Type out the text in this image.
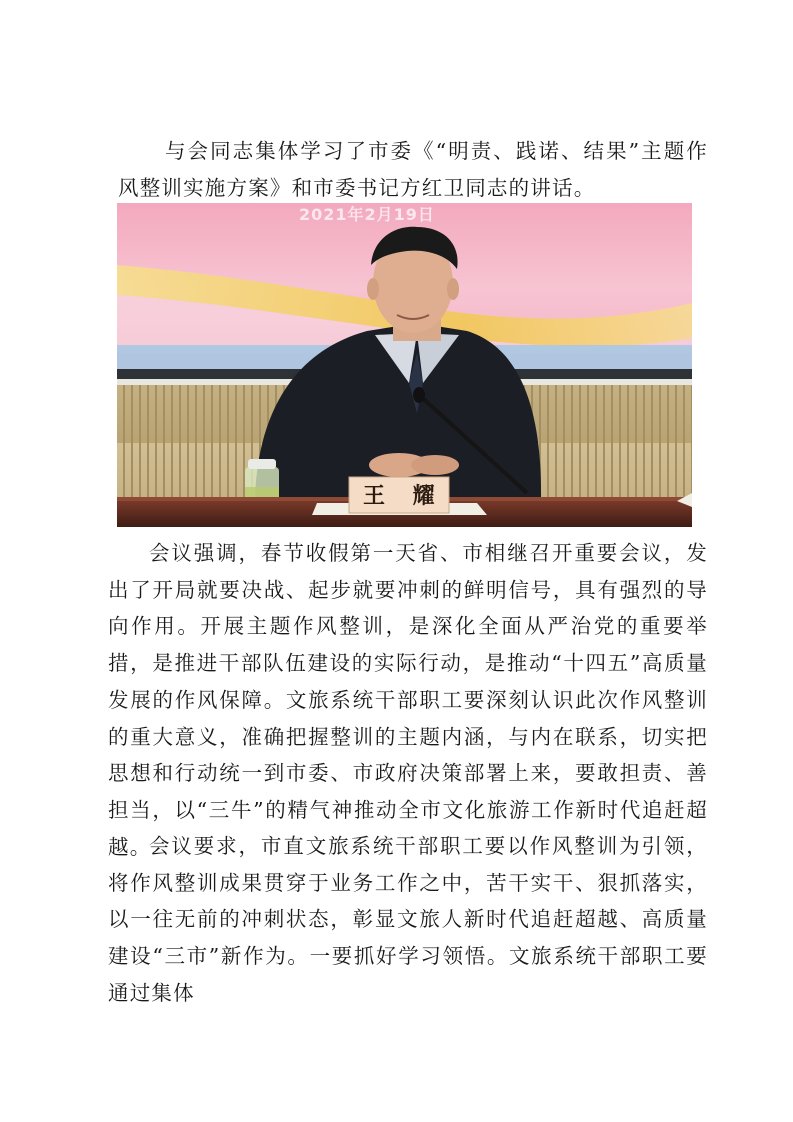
与会同志集体学习了市委《“明责、践诺、结果”主题作风整训实施方案》和市委书记方红卫同志的讲话。

2021年2月19日
王 耀

会议强调，春节收假第一天省、市相继召开重要会议，发出了开局就要决战、起步就要冲刺的鲜明信号，具有强烈的导向作用。开展主题作风整训，是深化全面从严治党的重要举措，是推进干部队伍建设的实际行动，是推动“十四五”高质量发展的作风保障。文旅系统干部职工要深刻认识此次作风整训的重大意义，准确把握整训的主题内涵，与内在联系，切实把思想和行动统一到市委、市政府决策部署上来，要敢担责、善担当，以“三牛”的精气神推动全市文化旅游工作新时代追赶超越。

会议要求，市直文旅系统干部职工要以作风整训为引领，将作风整训成果贯穿于业务工作之中，苦干实干、狠抓落实，以一往无前的冲刺状态，彰显文旅人新时代追赶超越、高质量建设“三市”新作为。一要抓好学习领悟。文旅系统干部职工要通过集体
